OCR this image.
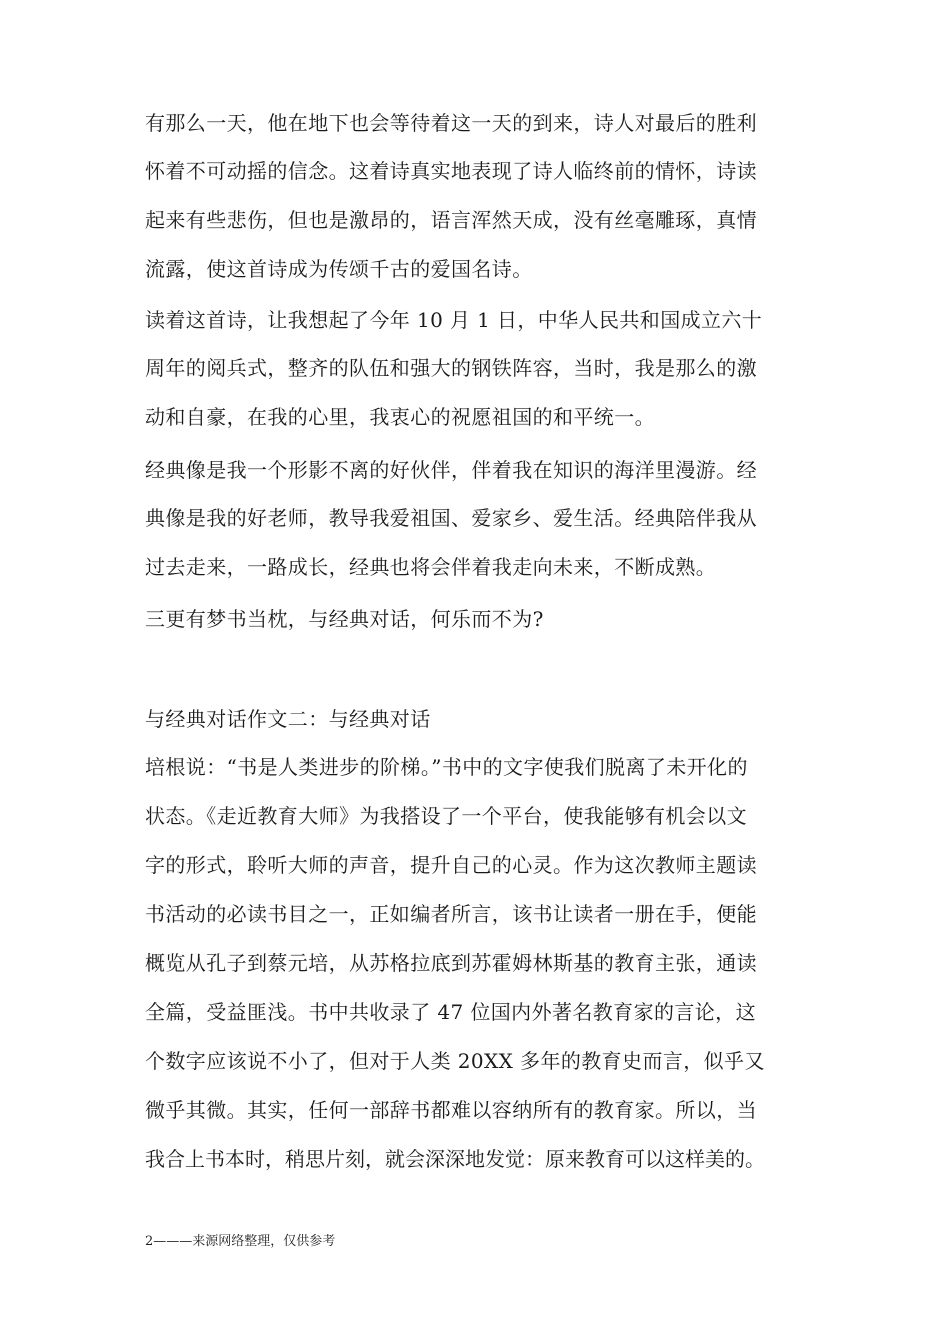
有那么一天，他在地下也会等待着这一天的到来，诗人对最后的胜利
怀着不可动摇的信念。这着诗真实地表现了诗人临终前的情怀，诗读
起来有些悲伤，但也是激昂的，语言浑然天成，没有丝毫雕琢，真情
流露，使这首诗成为传颂千古的爱国名诗。
读着这首诗，让我想起了今年 10 月 1 日，中华人民共和国成立六十
周年的阅兵式，整齐的队伍和强大的钢铁阵容，当时，我是那么的激
动和自豪，在我的心里，我衷心的祝愿祖国的和平统一。
经典像是我一个形影不离的好伙伴，伴着我在知识的海洋里漫游。经
典像是我的好老师，教导我爱祖国、爱家乡、爱生活。经典陪伴我从
过去走来，一路成长，经典也将会伴着我走向未来，不断成熟。
三更有梦书当枕，与经典对话，何乐而不为?
与经典对话作文二：与经典对话
培根说：“书是人类进步的阶梯。”书中的文字使我们脱离了未开化的
状态。《走近教育大师》为我搭设了一个平台，使我能够有机会以文
字的形式，聆听大师的声音，提升自己的心灵。作为这次教师主题读
书活动的必读书目之一，正如编者所言，该书让读者一册在手，便能
概览从孔子到蔡元培，从苏格拉底到苏霍姆林斯基的教育主张，通读
全篇，受益匪浅。书中共收录了 47 位国内外著名教育家的言论，这
个数字应该说不小了，但对于人类 20XX 多年的教育史而言，似乎又
微乎其微。其实，任何一部辞书都难以容纳所有的教育家。所以，当
我合上书本时，稍思片刻，就会深深地发觉：原来教育可以这样美的。
2———来源网络整理，仅供参考
